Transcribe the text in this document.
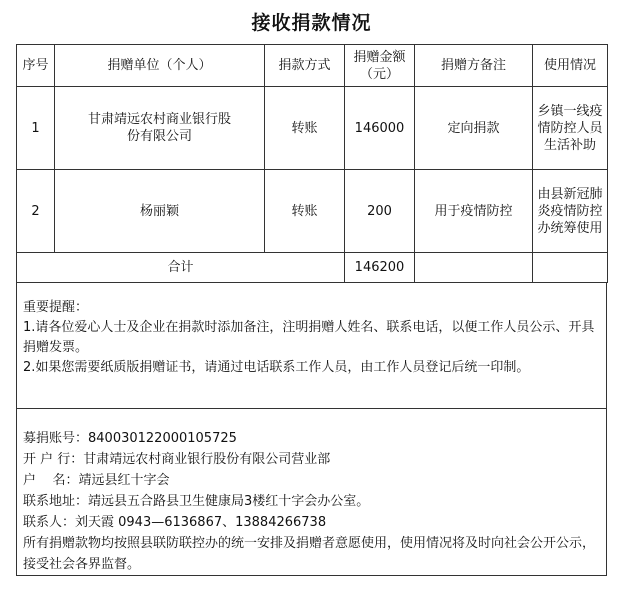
接收捐款情况
序号	捐赠单位（个人）	捐款方式	捐赠金额（元）	捐赠方备注	使用情况
1	甘肃靖远农村商业银行股份有限公司	转账	146000	定向捐款	乡镇一线疫情防控人员生活补助
2	杨丽颖	转账	200	用于疫情防控	由县新冠肺炎疫情防控办统筹使用
合计			146200		
重要提醒：
1.请各位爱心人士及企业在捐款时添加备注，注明捐赠人姓名、联系电话，以便工作人员公示、开具捐赠发票。
2.如果您需要纸质版捐赠证书，请通过电话联系工作人员，由工作人员登记后统一印制。
募捐账号：840030122000105725
开 户 行：甘肃靖远农村商业银行股份有限公司营业部
户    名：靖远县红十字会
联系地址：靖远县五合路县卫生健康局3楼红十字会办公室。
联系人：刘天霞 0943—6136867、13884266738
所有捐赠款物均按照县联防联控办的统一安排及捐赠者意愿使用，使用情况将及时向社会公开公示，接受社会各界监督。
